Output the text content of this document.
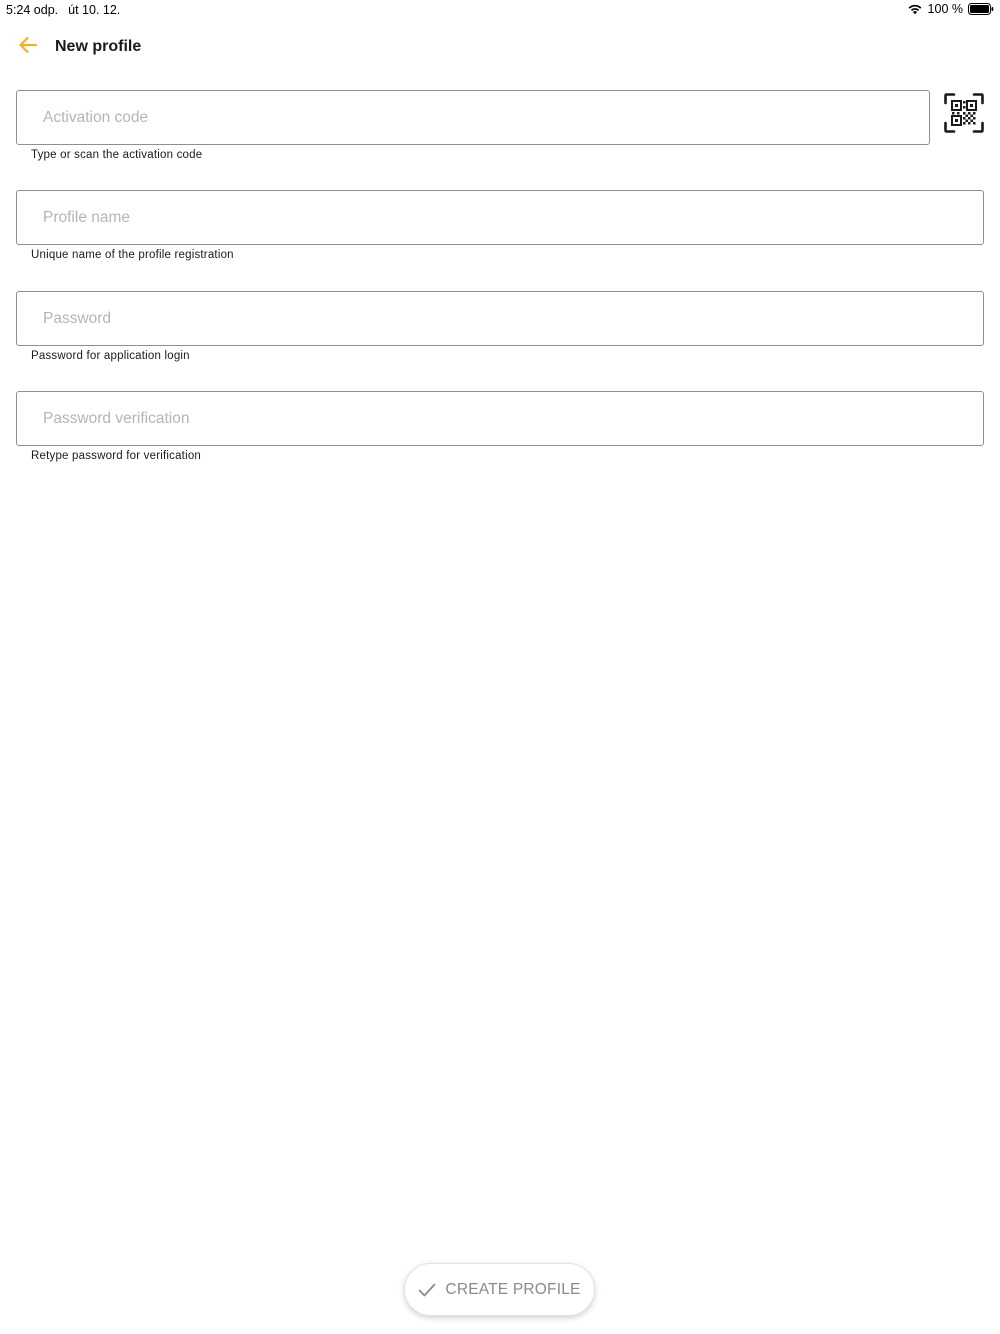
5:24 odp. út 10. 12.	100 %
New profile
Activation code
Type or scan the activation code
Profile name
Unique name of the profile registration
Password for application login
Retype password for verification
CREATE PROFILE
